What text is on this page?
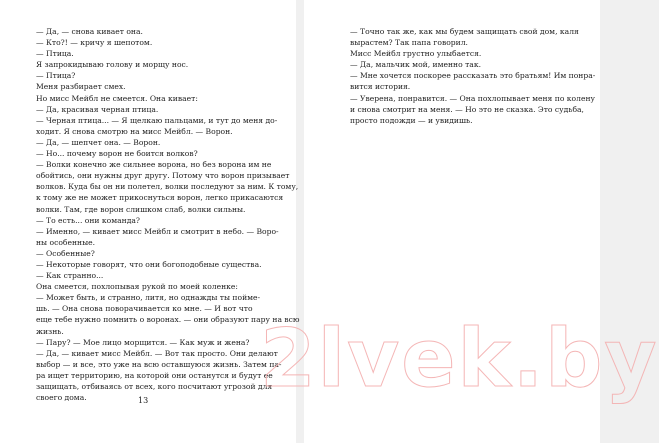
— Да, — снова кивает она.
— Кто?! — кричу я шепотом.
— Птица.
Я запрокидываю голову и морщу нос.
— Птица?
Меня разбирает смех.
Но мисс Мейбл не смеется. Она кивает:
— Да, красивая черная птица.
— Черная птица... — Я щелкаю пальцами, и тут до меня до-
ходит. Я снова смотрю на мисс Мейбл. — Ворон.
— Да, — шепчет она. — Ворон.
— Но... почему ворон не боится волков?
— Волки конечно же сильнее ворона, но без ворона им не
обойтись, они нужны друг другу. Потому что ворон призывает
волков. Куда бы он ни полетел, волки последуют за ним. К тому,
к тому же не может прикоснуться ворон, легко прикасаются
волки. Там, где ворон слишком слаб, волки сильны.
— То есть... они команда?
— Именно, — кивает мисс Мейбл и смотрит в небо. — Воро-
ны особенные.
— Особенные?
— Некоторые говорят, что они богоподобные существа.
— Как странно...
Она смеется, похлопывая рукой по моей коленке:
— Может быть, и странно, литя, но однажды ты пойме-
шь. — Она снова поворачивается ко мне. — И вот что
еще тебе нужно помнить о воронах. — они образуют пару на всю
жизнь.
— Пару? — Мое лицо морщится. — Как муж и жена?
— Да, — кивает мисс Мейбл. — Вот так просто. Они делают
выбор — и все, это уже на всю оставшуюся жизнь. Затем па-
ра ищет территорию, на которой они останутся и будут ее
защищать, отбиваясь от всех, кого посчитают угрозой для
своего дома.	13
— Точно так же, как мы будем защищать свой дом, каля
вырастем? Так папа говорил.
Мисс Мейбл грустно улыбается.
— Да, мальчик мой, именно так.
— Мне хочется поскорее рассказать это братьям! Им понра-
вится история.
— Уверена, понравится. — Она похлопывает меня по колену
и снова смотрит на меня. — Но это не сказка. Это судьба,
просто подожди — и увидишь.
